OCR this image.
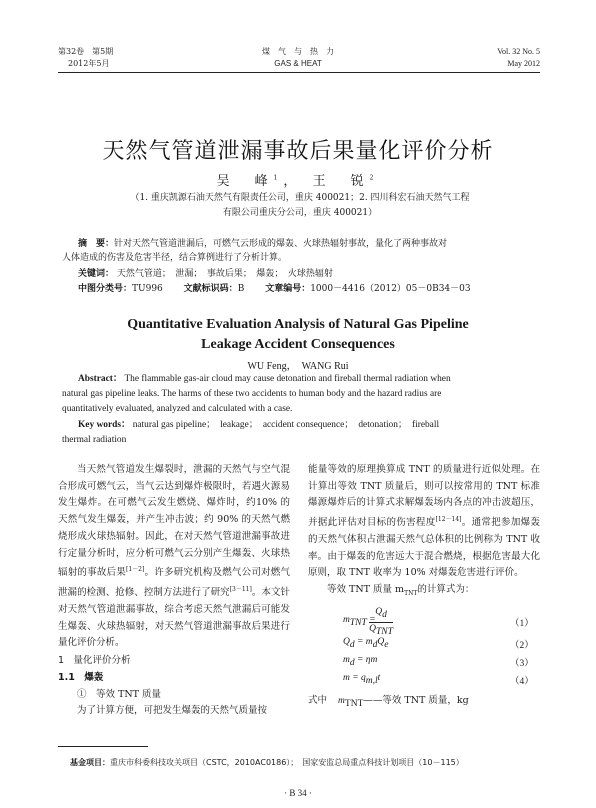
第32卷　第5期
2012年5月
煤　气　与　热　力
GAS & HEAT
Vol. 32 No. 5
May 2012
天然气管道泄漏事故后果量化评价分析
吴　峰$^1$， 王　锐$^2$
（1. 重庆凯源石油天然气有限责任公司，重庆 400021；2. 四川科宏石油天然气工程
有限公司重庆分公司，重庆 400021）
摘　要：针对天然气管道泄漏后，可燃气云形成的爆轰、火球热辐射事故，量化了两种事故对
人体造成的伤害及危害半径，结合算例进行了分析计算。
关键词： 天然气管道；　泄漏；　事故后果；　爆轰；　火球热辐射
中图分类号：TU996 文献标识码：B 文章编号：1000－4416（2012）05－0B34－03
Quantitative Evaluation Analysis of Natural Gas Pipeline
Leakage Accident Consequences
WU Feng，　WANG Rui
Abstract： The flammable gas-air cloud may cause detonation and fireball thermal radiation when
natural gas pipeline leaks. The harms of these two accidents to human body and the hazard radius are
quantitatively evaluated, analyzed and calculated with a case.
Key words： natural gas pipeline；　leakage；　accident consequence；　detonation；　fireball
thermal radiation

当天然气管道发生爆裂时，泄漏的天然气与空气混合形成可燃气云，当气云达到爆炸极限时，若遇火源易发生爆炸。在可燃气云发生燃烧、爆炸时，约10% 的天然气发生爆轰，并产生冲击波；约 90% 的天然气燃烧形成火球热辐射。因此，在对天然气管道泄漏事故进行定量分析时，应分析可燃气云分别产生爆轰、火球热辐射的事故后果[1－2]。许多研究机构及燃气公司对燃气泄漏的检测、抢修、控制方法进行了研究[3－11]。本文针对天然气管道泄漏事故，综合考虑天然气泄漏后可能发生爆轰、火球热辐射，对天然气管道泄漏事故后果进行量化评价分析。

1　量化评价分析
1.1　爆轰
①　等效 TNT 质量

为了计算方便，可把发生爆轰的天然气质量按

能量等效的原理换算成 TNT 的质量进行近似处理。在计算出等效 TNT 质量后，则可以按常用的 TNT 标准爆源爆炸后的计算式求解爆轰场内各点的冲击波超压，并据此评估对目标的伤害程度[12－14]。通常把参加爆轰的天然气体积占泄漏天然气总体积的比例称为 TNT 收率。由于爆轰的危害远大于混合燃烧，根据危害最大化原则，取 TNT 收率为 10% 对爆轰危害进行评价。

等效 TNT 质量 $m_{TNT}$的计算式为：

$m_{TNT}$ =
$Q_d$
$Q_{TNT}$
（1）
$Q_d = m_dQ_e$	（2）
$m_d = \eta m$	（3）
$m = q_{m,l}t$	（4）
式中 $m_{TNT}——$等效 TNT 质量，kg
基金项目：重庆市科委科技攻关项目（CSTC，2010AC0186）；　国家安监总局重点科技计划项目（10－115）
· B 34 ·
